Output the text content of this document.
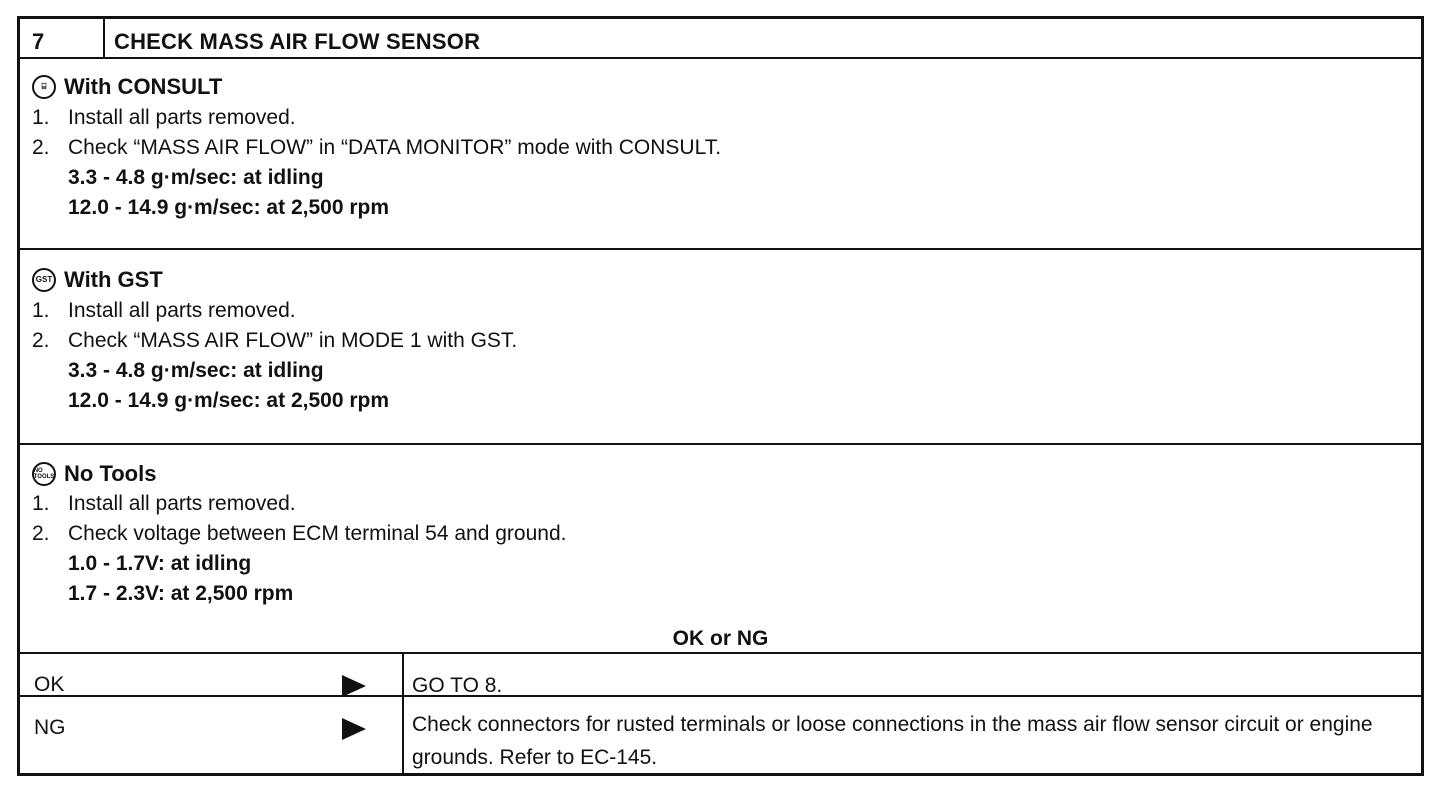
7	CHECK MASS AIR FLOW SENSOR
⌸ With CONSULT
1. Install all parts removed.
2. Check “MASS AIR FLOW” in “DATA MONITOR” mode with CONSULT.
3.3 - 4.8 g·m/sec: at idling
12.0 - 14.9 g·m/sec: at 2,500 rpm
GST With GST
1. Install all parts removed.
2. Check “MASS AIR FLOW” in MODE 1 with GST.
3.3 - 4.8 g·m/sec: at idling
12.0 - 14.9 g·m/sec: at 2,500 rpm
NO TOOLS No Tools
1. Install all parts removed.
2. Check voltage between ECM terminal 54 and ground.
1.0 - 1.7V: at idling
1.7 - 2.3V: at 2,500 rpm
OK or NG
OK	GO TO 8.
NG	Check connectors for rusted terminals or loose connections in the mass air flow sensor circuit or engine grounds. Refer to EC-145.
